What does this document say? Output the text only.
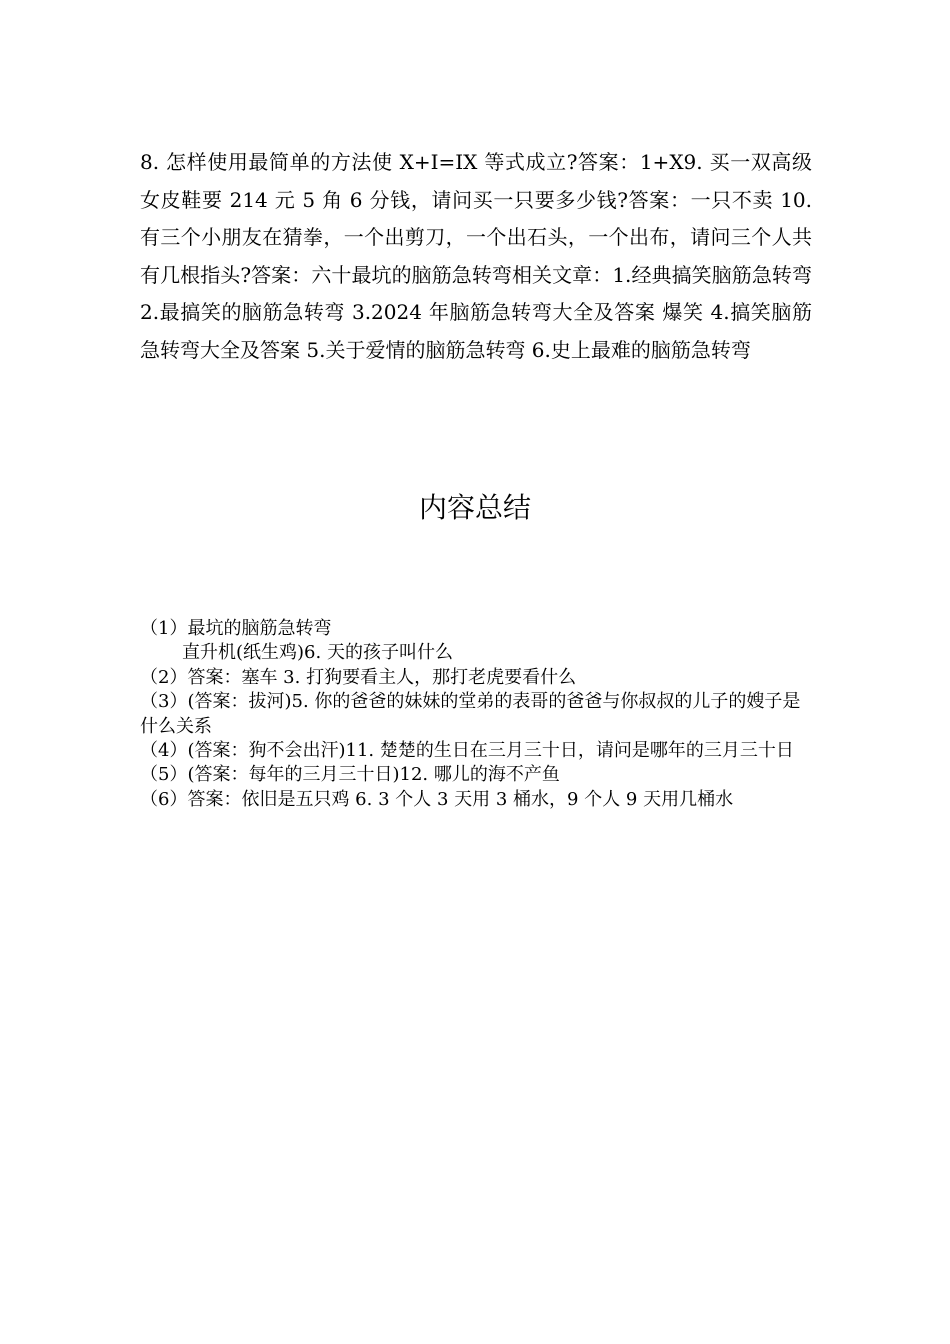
8. 怎样使用最简单的方法使 X+I=IX 等式成立?答案：1+X9. 买一双高级女皮鞋要 214 元 5 角 6 分钱，请问买一只要多少钱?答案：一只不卖 10. 有三个小朋友在猜拳，一个出剪刀，一个出石头，一个出布，请问三个人共有几根指头?答案：六十最坑的脑筋急转弯相关文章：1.经典搞笑脑筋急转弯 2.最搞笑的脑筋急转弯 3.2024 年脑筋急转弯大全及答案 爆笑 4.搞笑脑筋急转弯大全及答案 5.关于爱情的脑筋急转弯 6.史上最难的脑筋急转弯

内容总结
（1）最坑的脑筋急转弯
直升机(纸生鸡)6. 天的孩子叫什么
（2）答案：塞车 3. 打狗要看主人，那打老虎要看什么
（3）(答案：拔河)5. 你的爸爸的妹妹的堂弟的表哥的爸爸与你叔叔的儿子的嫂子是什么关系
（4）(答案：狗不会出汗)11. 楚楚的生日在三月三十日，请问是哪年的三月三十日
（5）(答案：每年的三月三十日)12. 哪儿的海不产鱼
（6）答案：依旧是五只鸡 6. 3 个人 3 天用 3 桶水，9 个人 9 天用几桶水
